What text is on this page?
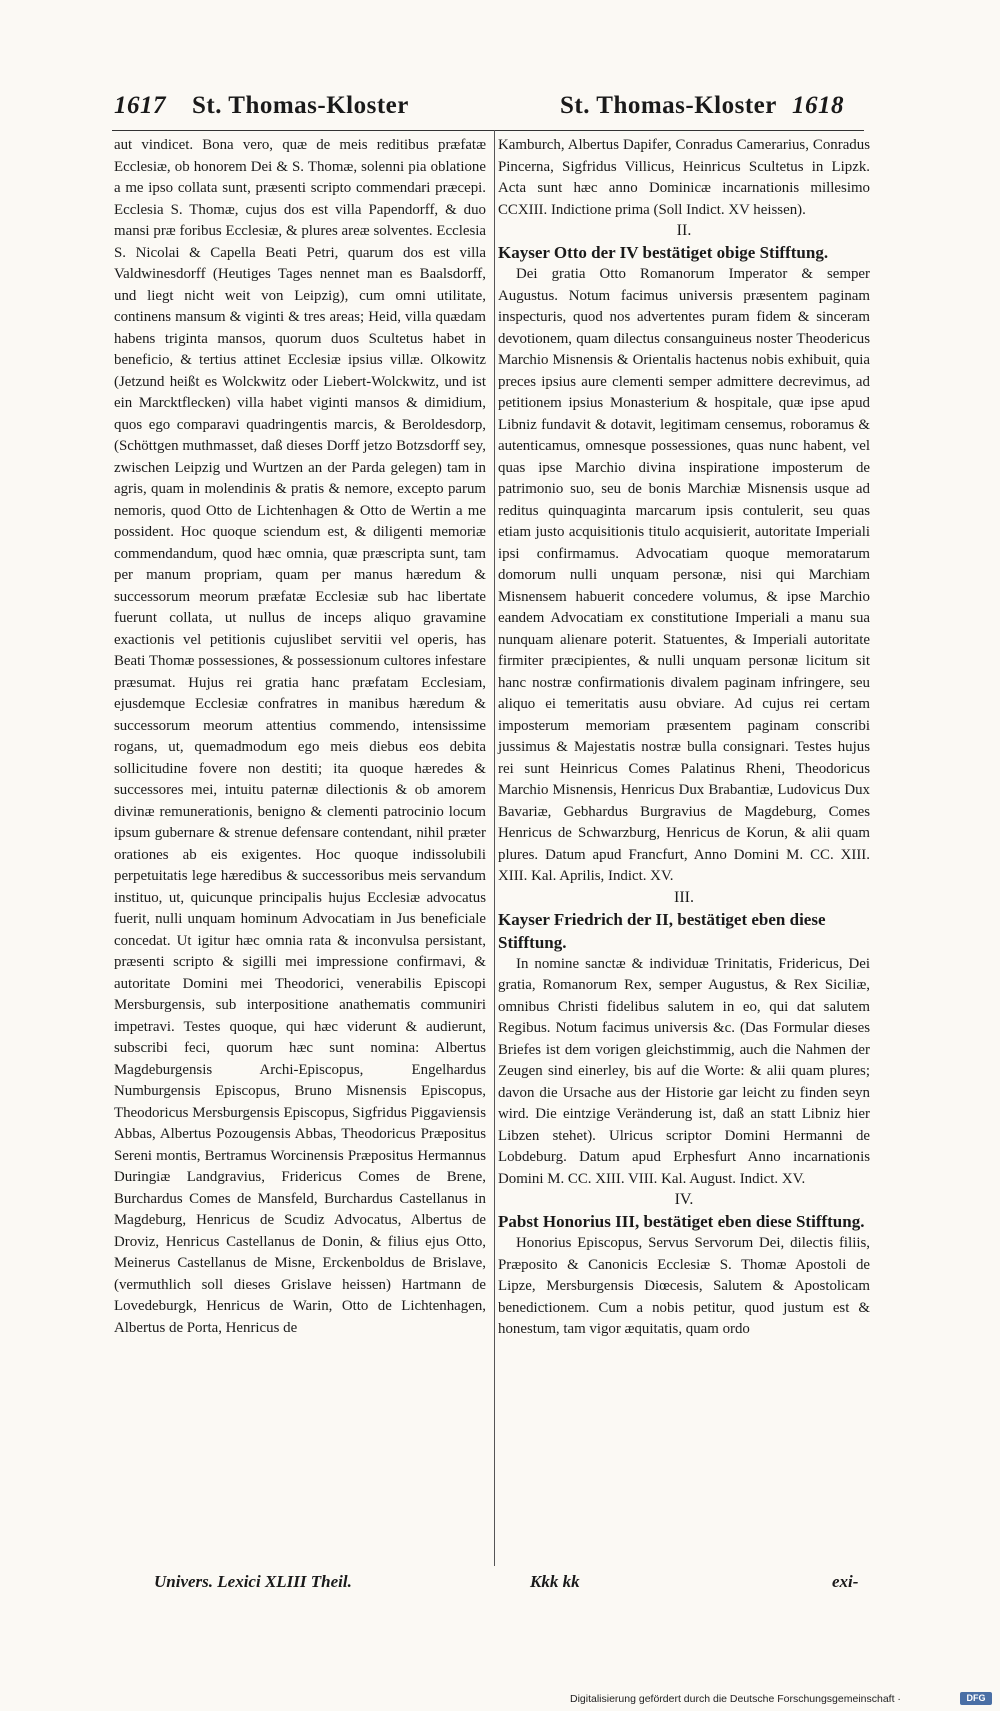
1617 St. Thomas-Kloster	St. Thomas-Kloster 1618

aut vindicet. Bona vero, quæ de meis reditibus præfatæ Ecclesiæ, ob honorem Dei & S. Thomæ, solenni pia oblatione a me ipso collata sunt, præsenti scripto commendari præcepi. Ecclesia S. Thomæ, cujus dos est villa Papendorff, & duo mansi præ foribus Ecclesiæ, & plures areæ solventes. Ecclesia S. Nicolai & Capella Beati Petri, quarum dos est villa Valdwinesdorff (Heutiges Tages nennet man es Baalsdorff, und liegt nicht weit von Leipzig), cum omni utilitate, continens mansum & viginti & tres areas; Heid, villa quædam habens triginta mansos, quorum duos Scultetus habet in beneficio, & tertius attinet Ecclesiæ ipsius villæ. Olkowitz (Jetzund heißt es Wolckwitz oder Liebert-Wolckwitz, und ist ein Marcktflecken) villa habet viginti mansos & dimidium, quos ego comparavi quadringentis marcis, & Beroldesdorp, (Schöttgen muthmasset, daß dieses Dorff jetzo Botzsdorff sey, zwischen Leipzig und Wurtzen an der Parda gelegen) tam in agris, quam in molendinis & pratis & nemore, excepto parum nemoris, quod Otto de Lichtenhagen & Otto de Wertin a me possident. Hoc quoque sciendum est, & diligenti memoriæ commendandum, quod hæc omnia, quæ præscripta sunt, tam per manum propriam, quam per manus hæredum & successorum meorum præfatæ Ecclesiæ sub hac libertate fuerunt collata, ut nullus de inceps aliquo gravamine exactionis vel petitionis cujuslibet servitii vel operis, has Beati Thomæ possessiones, & possessionum cultores infestare præsumat. Hujus rei gratia hanc præfatam Ecclesiam, ejusdemque Ecclesiæ confratres in manibus hæredum & successorum meorum attentius commendo, intensissime rogans, ut, quemadmodum ego meis diebus eos debita sollicitudine fovere non destiti; ita quoque hæredes & successores mei, intuitu paternæ dilectionis & ob amorem divinæ remunerationis, benigno & clementi patrocinio locum ipsum gubernare & strenue defensare contendant, nihil præter orationes ab eis exigentes. Hoc quoque indissolubili perpetuitatis lege hæredibus & successoribus meis servandum instituo, ut, quicunque principalis hujus Ecclesiæ advocatus fuerit, nulli unquam hominum Advocatiam in Jus beneficiale concedat. Ut igitur hæc omnia rata & inconvulsa persistant, præsenti scripto & sigilli mei impressione confirmavi, & autoritate Domini mei Theodorici, venerabilis Episcopi Mersburgensis, sub interpositione anathematis communiri impetravi. Testes quoque, qui hæc viderunt & audierunt, subscribi feci, quorum hæc sunt nomina: Albertus Magdeburgensis Archi-Episcopus, Engelhardus Numburgensis Episcopus, Bruno Misnensis Episcopus, Theodoricus Mersburgensis Episcopus, Sigfridus Piggaviensis Abbas, Albertus Pozougensis Abbas, Theodoricus Præpositus Sereni montis, Bertramus Worcinensis Præpositus Hermannus Duringiæ Landgravius, Fridericus Comes de Brene, Burchardus Comes de Mansfeld, Burchardus Castellanus in Magdeburg, Henricus de Scudiz Advocatus, Albertus de Droviz, Henricus Castellanus de Donin, & filius ejus Otto, Meinerus Castellanus de Misne, Erckenboldus de Brislave, (vermuthlich soll dieses Grislave heissen) Hartmann de Lovedeburgk, Henricus de Warin, Otto de Lichtenhagen, Albertus de Porta, Henricus de

Kamburch, Albertus Dapifer, Conradus Camerarius, Conradus Pincerna, Sigfridus Villicus, Heinricus Scultetus in Lipzk. Acta sunt hæc anno Dominicæ incarnationis millesimo CCXIII. Indictione prima (Soll Indict. XV heissen).

II.

Kayser Otto der IV bestätiget obige Stifftung.

Dei gratia Otto Romanorum Imperator & semper Augustus. Notum facimus universis præsentem paginam inspecturis, quod nos advertentes puram fidem & sinceram devotionem, quam dilectus consanguineus noster Theodericus Marchio Misnensis & Orientalis hactenus nobis exhibuit, quia preces ipsius aure clementi semper admittere decrevimus, ad petitionem ipsius Monasterium & hospitale, quæ ipse apud Libniz fundavit & dotavit, legitimam censemus, roboramus & autenticamus, omnesque possessiones, quas nunc habent, vel quas ipse Marchio divina inspiratione imposterum de patrimonio suo, seu de bonis Marchiæ Misnensis usque ad reditus quinquaginta marcarum ipsis contulerit, seu quas etiam justo acquisitionis titulo acquisierit, autoritate Imperiali ipsi confirmamus. Advocatiam quoque memoratarum domorum nulli unquam personæ, nisi qui Marchiam Misnensem habuerit concedere volumus, & ipse Marchio eandem Advocatiam ex constitutione Imperiali a manu sua nunquam alienare poterit. Statuentes, & Imperiali autoritate firmiter præcipientes, & nulli unquam personæ licitum sit hanc nostræ confirmationis divalem paginam infringere, seu aliquo ei temeritatis ausu obviare. Ad cujus rei certam imposterum memoriam præsentem paginam conscribi jussimus & Majestatis nostræ bulla consignari. Testes hujus rei sunt Heinricus Comes Palatinus Rheni, Theodoricus Marchio Misnensis, Henricus Dux Brabantiæ, Ludovicus Dux Bavariæ, Gebhardus Burgravius de Magdeburg, Comes Henricus de Schwarzburg, Henricus de Korun, & alii quam plures. Datum apud Francfurt, Anno Domini M. CC. XIII. XIII. Kal. Aprilis, Indict. XV.

III.

Kayser Friedrich der II, bestätiget eben diese Stifftung.

In nomine sanctæ & individuæ Trinitatis, Fridericus, Dei gratia, Romanorum Rex, semper Augustus, & Rex Siciliæ, omnibus Christi fidelibus salutem in eo, qui dat salutem Regibus. Notum facimus universis &c. (Das Formular dieses Briefes ist dem vorigen gleichstimmig, auch die Nahmen der Zeugen sind einerley, bis auf die Worte: & alii quam plures; davon die Ursache aus der Historie gar leicht zu finden seyn wird. Die eintzige Veränderung ist, daß an statt Libniz hier Libzen stehet). Ulricus scriptor Domini Hermanni de Lobdeburg. Datum apud Erphesfurt Anno incarnationis Domini M. CC. XIII. VIII. Kal. August. Indict. XV.

IV.

Pabst Honorius III, bestätiget eben diese Stifftung.

Honorius Episcopus, Servus Servorum Dei, dilectis filiis, Præposito & Canonicis Ecclesiæ S. Thomæ Apostoli de Lipze, Mersburgensis Diœcesis, Salutem & Apostolicam benedictionem. Cum a nobis petitur, quod justum est & honestum, tam vigor æquitatis, quam ordo

Univers. Lexici XLIII Theil.	Kkk kk	exi-
Digitalisierung gefördert durch die Deutsche Forschungsgemeinschaft ·	DFG
